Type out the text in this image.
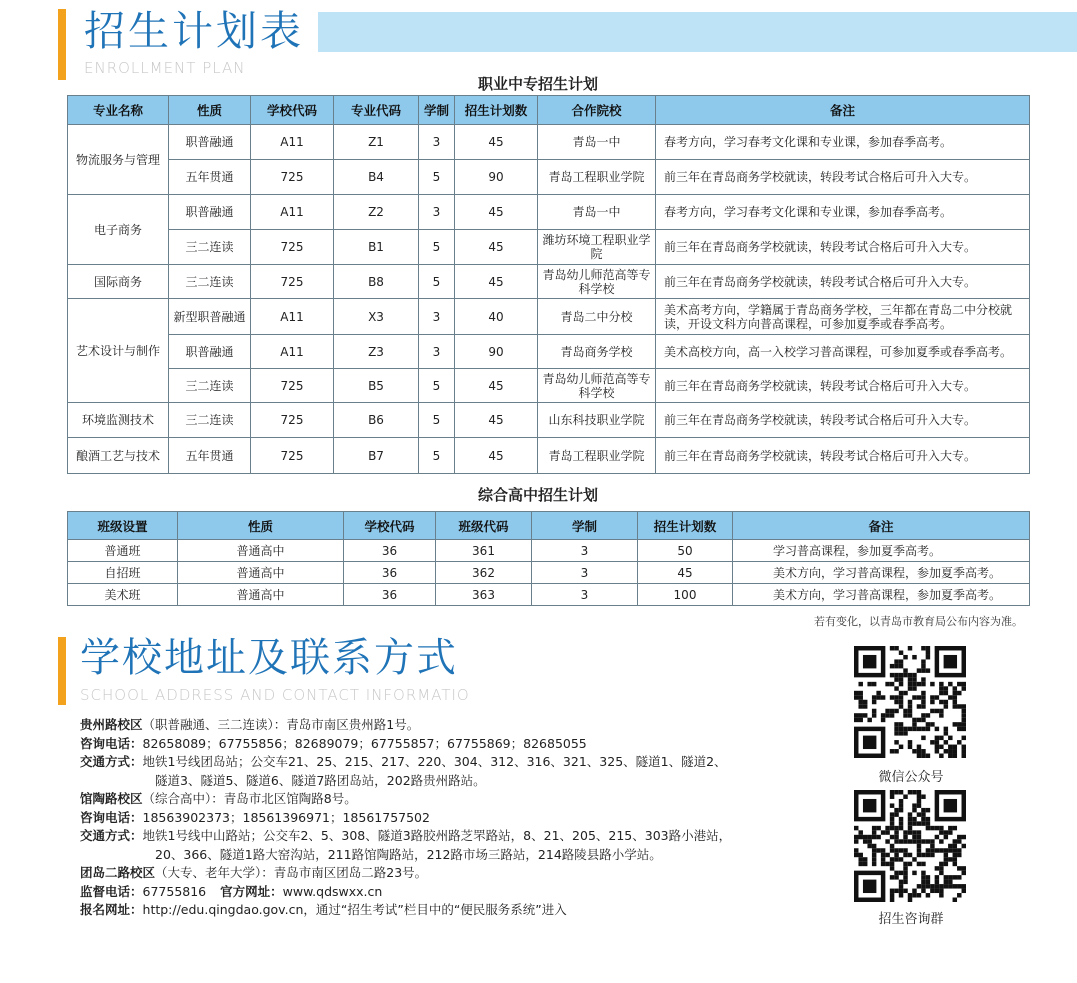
招生计划表
ENROLLMENT PLAN
职业中专招生计划
专业名称	性质	学校代码	专业代码	学制	招生计划数	合作院校	备注
物流服务与管理	职普融通	A11	Z1	3	45	青岛一中	春考方向，学习春考文化课和专业课，参加春季高考。
	五年贯通	725	B4	5	90	青岛工程职业学院	前三年在青岛商务学校就读，转段考试合格后可升入大专。
电子商务	职普融通	A11	Z2	3	45	青岛一中	春考方向，学习春考文化课和专业课，参加春季高考。
	三二连读	725	B1	5	45	潍坊环境工程职业学院	前三年在青岛商务学校就读，转段考试合格后可升入大专。
国际商务	三二连读	725	B8	5	45	青岛幼儿师范高等专科学校	前三年在青岛商务学校就读，转段考试合格后可升入大专。
艺术设计与制作	新型职普融通	A11	X3	3	40	青岛二中分校	美术高考方向，学籍属于青岛商务学校，三年都在青岛二中分校就读，开设文科方向普高课程，可参加夏季或春季高考。
	职普融通	A11	Z3	3	90	青岛商务学校	美术高校方向，高一入校学习普高课程，可参加夏季或春季高考。
	三二连读	725	B5	5	45	青岛幼儿师范高等专科学校	前三年在青岛商务学校就读，转段考试合格后可升入大专。
环境监测技术	三二连读	725	B6	5	45	山东科技职业学院	前三年在青岛商务学校就读，转段考试合格后可升入大专。
酿酒工艺与技术	五年贯通	725	B7	5	45	青岛工程职业学院	前三年在青岛商务学校就读，转段考试合格后可升入大专。
综合高中招生计划
班级设置	性质	学校代码	班级代码	学制	招生计划数	备注
普通班	普通高中	36	361	3	50	学习普高课程，参加夏季高考。
自招班	普通高中	36	362	3	45	美术方向，学习普高课程，参加夏季高考。
美术班	普通高中	36	363	3	100	美术方向，学习普高课程，参加夏季高考。
若有变化，以青岛市教育局公布内容为准。
学校地址及联系方式
SCHOOL ADDRESS AND CONTACT INFORMATIO
贵州路校区 （职普融通、三二连读）：青岛市南区贵州路1号。
咨询电话： 82658089；67755856；82689079；67755857；67755869；82685055
交通方式： 地铁1号线团岛站；公交车21、25、215、217、220、304、312、316、321、325、隧道1、隧道2、
隧道3、隧道5、隧道6、隧道7路团岛站，202路贵州路站。
馆陶路校区 （综合高中）：青岛市北区馆陶路8号。
咨询电话： 18563902373；18561396971；18561757502
交通方式： 地铁1号线中山路站；公交车2、5、308、隧道3路胶州路芝罘路站，8、21、205、215、303路小港站，
20、366、隧道1路大窑沟站，211路馆陶路站，212路市场三路站，214路陵县路小学站。
团岛二路校区 （大专、老年大学）：青岛市南区团岛二路23号。
监督电话： 67755816 官方网址： www.qdswxx.cn
报名网址： http://edu.qingdao.gov.cn，通过“招生考试”栏目中的“便民服务系统”进入
微信公众号
招生咨询群
